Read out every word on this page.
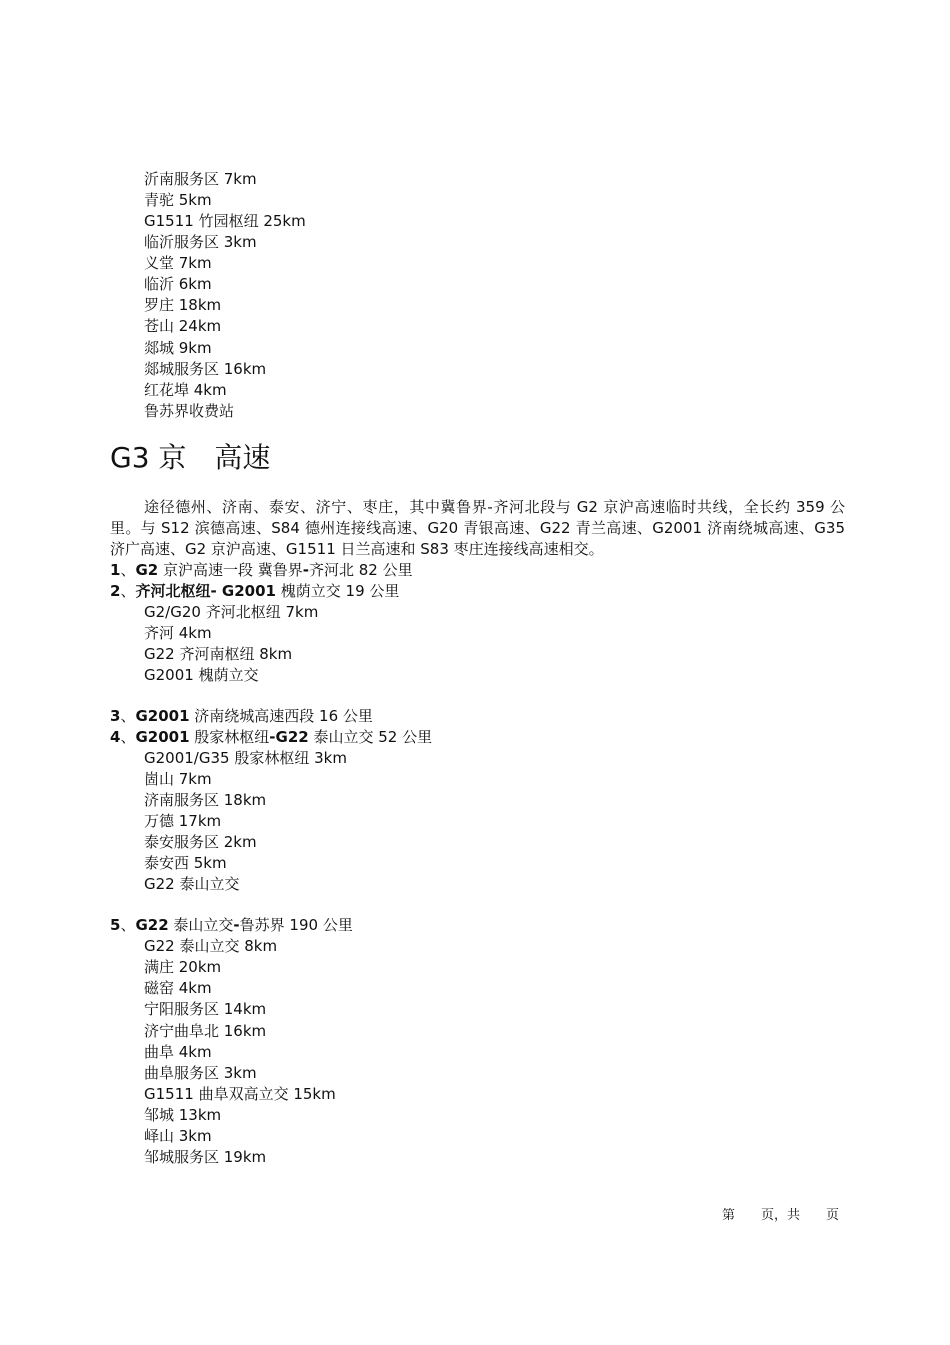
沂南服务区 7km
青驼 5km
G1511 竹园枢纽 25km
临沂服务区 3km
义堂 7km
临沂 6km
罗庄 18km
苍山 24km
郯城 9km
郯城服务区 16km
红花埠 4km
鲁苏界收费站
G3 京　高速
途径德州、济南、泰安、济宁、枣庄，其中冀鲁界-齐河北段与 G2 京沪高速临时共线，全长约 359 公里。与 S12 滨德高速、S84 德州连接线高速、G20 青银高速、G22 青兰高速、G2001 济南绕城高速、G35 济广高速、G2 京沪高速、G1511 日兰高速和 S83 枣庄连接线高速相交。
1、G2 京沪高速一段 冀鲁界-齐河北 82 公里
2、齐河北枢纽- G2001 槐荫立交 19 公里
G2/G20 齐河北枢纽 7km
齐河 4km
G22 齐河南枢纽 8km
G2001 槐荫立交
3、G2001 济南绕城高速西段 16 公里
4、G2001 殷家林枢纽-G22 泰山立交 52 公里
G2001/G35 殷家林枢纽 3km
崮山 7km
济南服务区 18km
万德 17km
泰安服务区 2km
泰安西 5km
G22 泰山立交
5、G22 泰山立交-鲁苏界 190 公里
G22 泰山立交 8km
满庄 20km
磁窑 4km
宁阳服务区 14km
济宁曲阜北 16km
曲阜 4km
曲阜服务区 3km
G1511 曲阜双高立交 15km
邹城 13km
峄山 3km
邹城服务区 19km
第　　页，共　　页
